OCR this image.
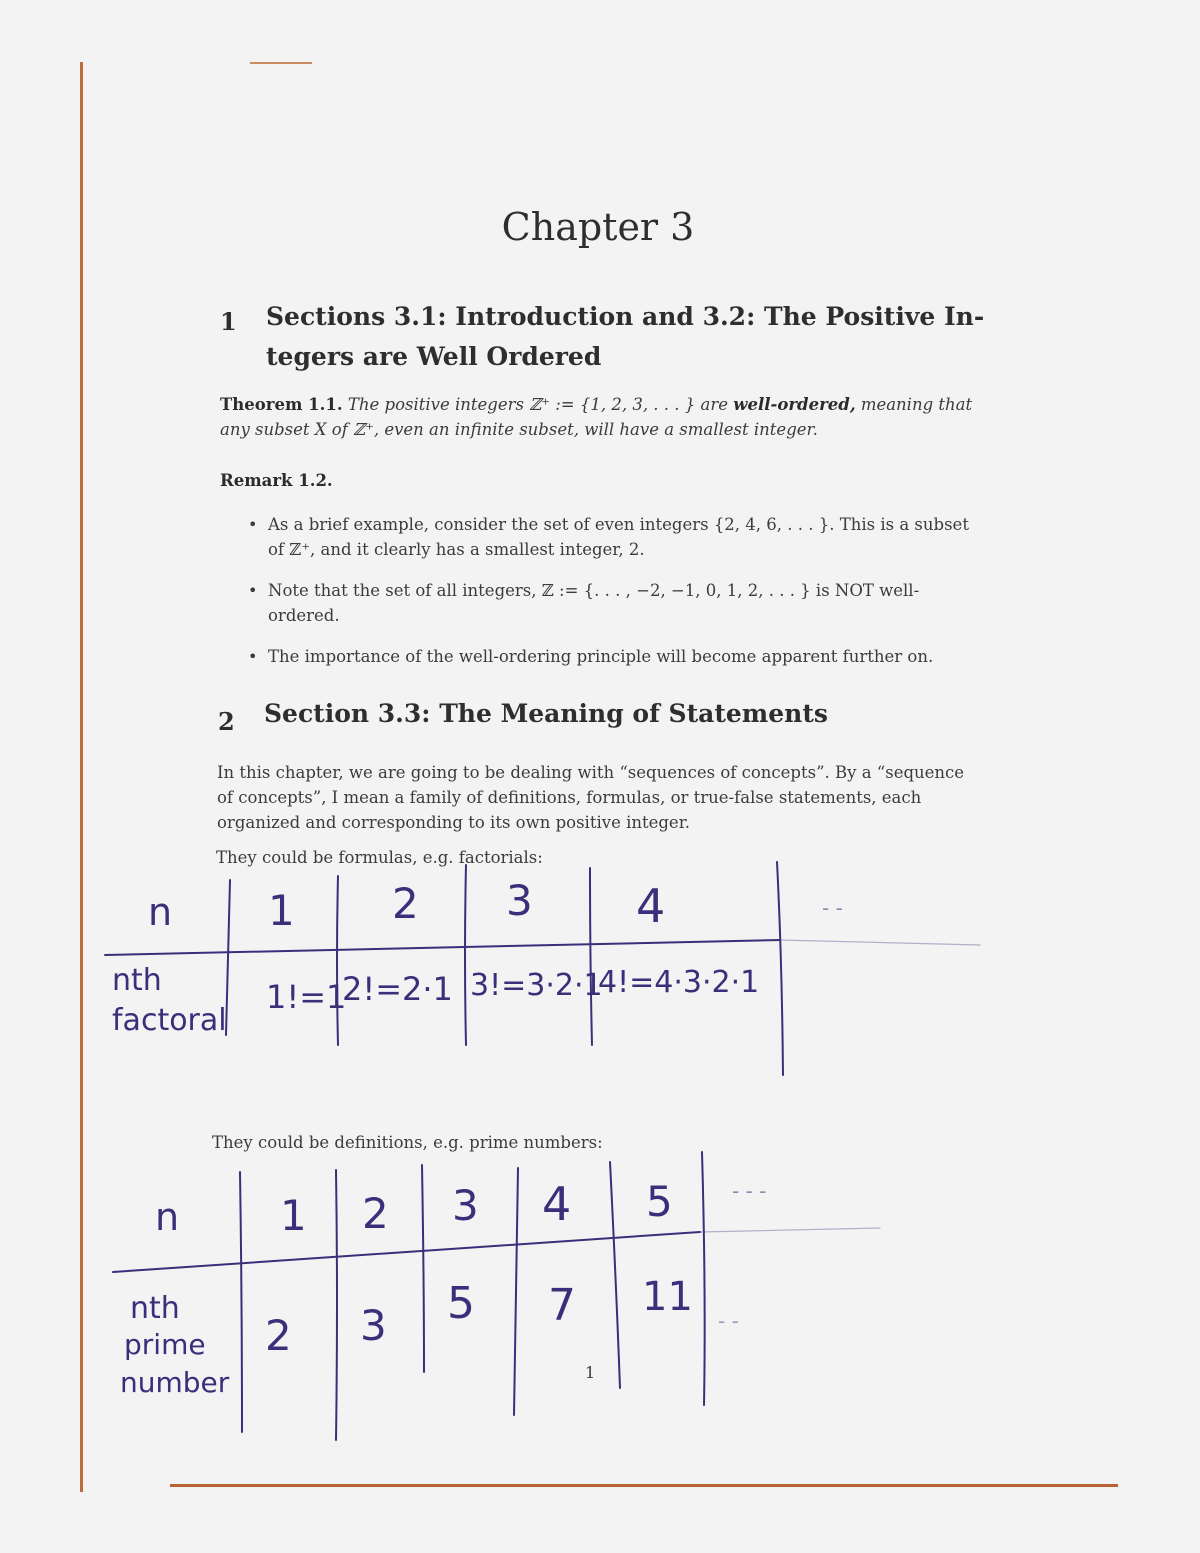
Chapter 3
1 Sections 3.1: Introduction and 3.2: The Positive In-
tegers are Well Ordered
Theorem 1.1. The positive integers ℤ⁺ := {1, 2, 3, . . . } are well-ordered, meaning that
any subset X of ℤ⁺, even an infinite subset, will have a smallest integer.
Remark 1.2.
• As a brief example, consider the set of even integers {2, 4, 6, . . . }. This is a subset of ℤ⁺, and it clearly has a smallest integer, 2.
• Note that the set of all integers, ℤ := {. . . , −2, −1, 0, 1, 2, . . . } is NOT well-ordered.
• The importance of the well-ordering principle will become apparent further on.
2 Section 3.3: The Meaning of Statements
In this chapter, we are going to be dealing with “sequences of concepts”. By a “sequence of concepts”, I mean a family of definitions, formulas, or true-false statements, each organized and corresponding to its own positive integer.
They could be formulas, e.g. factorials:
They could be definitions, e.g. prime numbers:
1
n
nth
factoral
1 2 3 4
1!=1
2!=2·1 3!=3·2·1
4!=4·3·2·1
- -
n
nth
prime
number
1 2 3 4 5
2 3 5 7 11
- - -
- -
